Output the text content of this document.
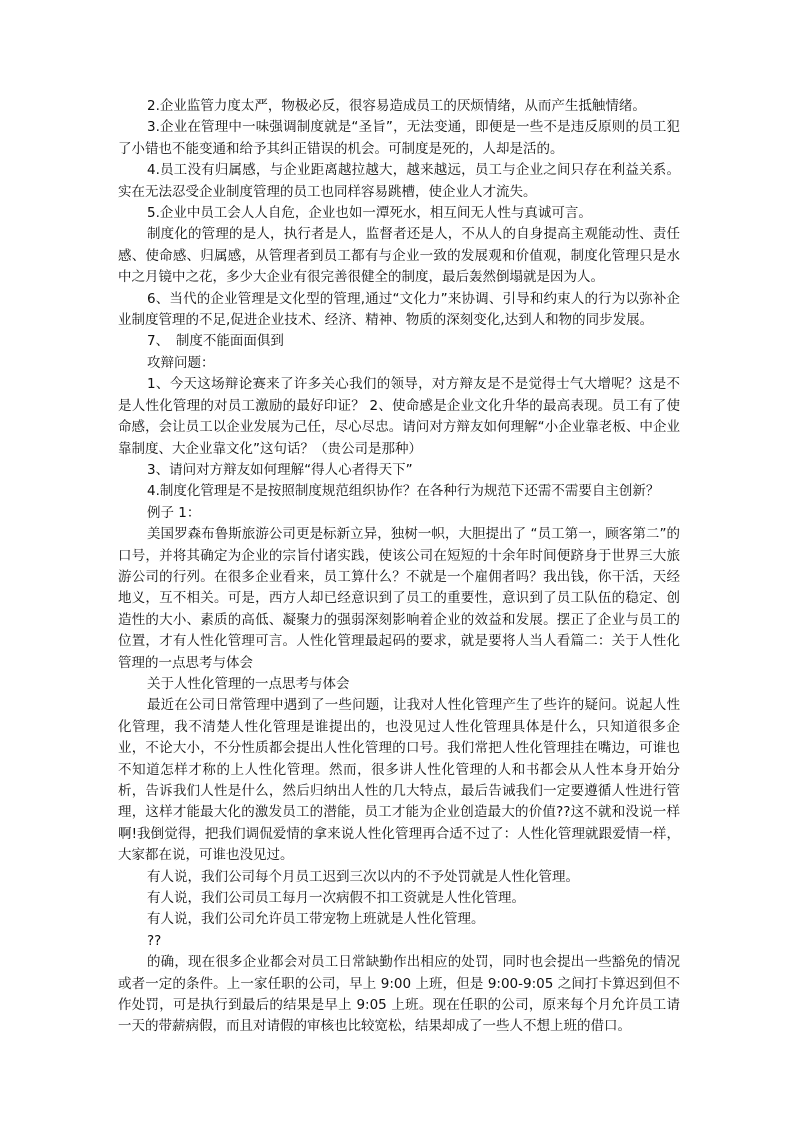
2.企业监管力度太严，物极必反，很容易造成员工的厌烦情绪，从而产生抵触情绪。

3.企业在管理中一味强调制度就是“圣旨”，无法变通，即便是一些不是违反原则的员工犯了小错也不能变通和给予其纠正错误的机会。可制度是死的，人却是活的。

4.员工没有归属感，与企业距离越拉越大，越来越远，员工与企业之间只存在利益关系。实在无法忍受企业制度管理的员工也同样容易跳槽，使企业人才流失。

5.企业中员工会人人自危，企业也如一潭死水，相互间无人性与真诚可言。

制度化的管理的是人，执行者是人，监督者还是人，不从人的自身提高主观能动性、责任感、使命感、归属感，从管理者到员工都有与企业一致的发展观和价值观，制度化管理只是水中之月镜中之花，多少大企业有很完善很健全的制度，最后轰然倒塌就是因为人。

6、当代的企业管理是文化型的管理,通过“文化力”来协调、引导和约束人的行为以弥补企业制度管理的不足,促进企业技术、经济、精神、物质的深刻变化,达到人和物的同步发展。

7、　制度不能面面俱到

攻辩问题：

1、今天这场辩论赛来了许多关心我们的领导，对方辩友是不是觉得士气大增呢？这是不是人性化管理的对员工激励的最好印证？ 2、使命感是企业文化升华的最高表现。员工有了使命感，会让员工以企业发展为己任，尽心尽忠。请问对方辩友如何理解“小企业靠老板、中企业靠制度、大企业靠文化”这句话？（贵公司是那种）

3、请问对方辩友如何理解“得人心者得天下”

4.制度化管理是不是按照制度规范组织协作？在各种行为规范下还需不需要自主创新？

例子 1：

美国罗森布鲁斯旅游公司更是标新立异，独树一帜，大胆提出了 “员工第一，顾客第二”的口号，并将其确定为企业的宗旨付诸实践，使该公司在短短的十余年时间便跻身于世界三大旅游公司的行列。在很多企业看来，员工算什么？不就是一个雇佣者吗？我出钱，你干活，天经地义，互不相关。可是，西方人却已经意识到了员工的重要性，意识到了员工队伍的稳定、创造性的大小、素质的高低、凝聚力的强弱深刻影响着企业的效益和发展。摆正了企业与员工的位置，才有人性化管理可言。人性化管理最起码的要求，就是要将人当人看篇二：关于人性化管理的一点思考与体会

关于人性化管理的一点思考与体会

最近在公司日常管理中遇到了一些问题，让我对人性化管理产生了些许的疑问。说起人性化管理，我不清楚人性化管理是谁提出的，也没见过人性化管理具体是什么，只知道很多企业，不论大小，不分性质都会提出人性化管理的口号。我们常把人性化管理挂在嘴边，可谁也不知道怎样才称的上人性化管理。然而，很多讲人性化管理的人和书都会从人性本身开始分析，告诉我们人性是什么，然后归纳出人性的几大特点，最后告诫我们一定要遵循人性进行管理，这样才能最大化的激发员工的潜能，员工才能为企业创造最大的价值??这不就和没说一样啊!我倒觉得，把我们调侃爱情的拿来说人性化管理再合适不过了：人性化管理就跟爱情一样，大家都在说，可谁也没见过。

有人说，我们公司每个月员工迟到三次以内的不予处罚就是人性化管理。

有人说，我们公司员工每月一次病假不扣工资就是人性化管理。

有人说，我们公司允许员工带宠物上班就是人性化管理。

??

的确，现在很多企业都会对员工日常缺勤作出相应的处罚，同时也会提出一些豁免的情况或者一定的条件。上一家任职的公司，早上 9:00 上班，但是 9:00-9:05 之间打卡算迟到但不作处罚，可是执行到最后的结果是早上 9:05 上班。现在任职的公司，原来每个月允许员工请一天的带薪病假，而且对请假的审核也比较宽松，结果却成了一些人不想上班的借口。
